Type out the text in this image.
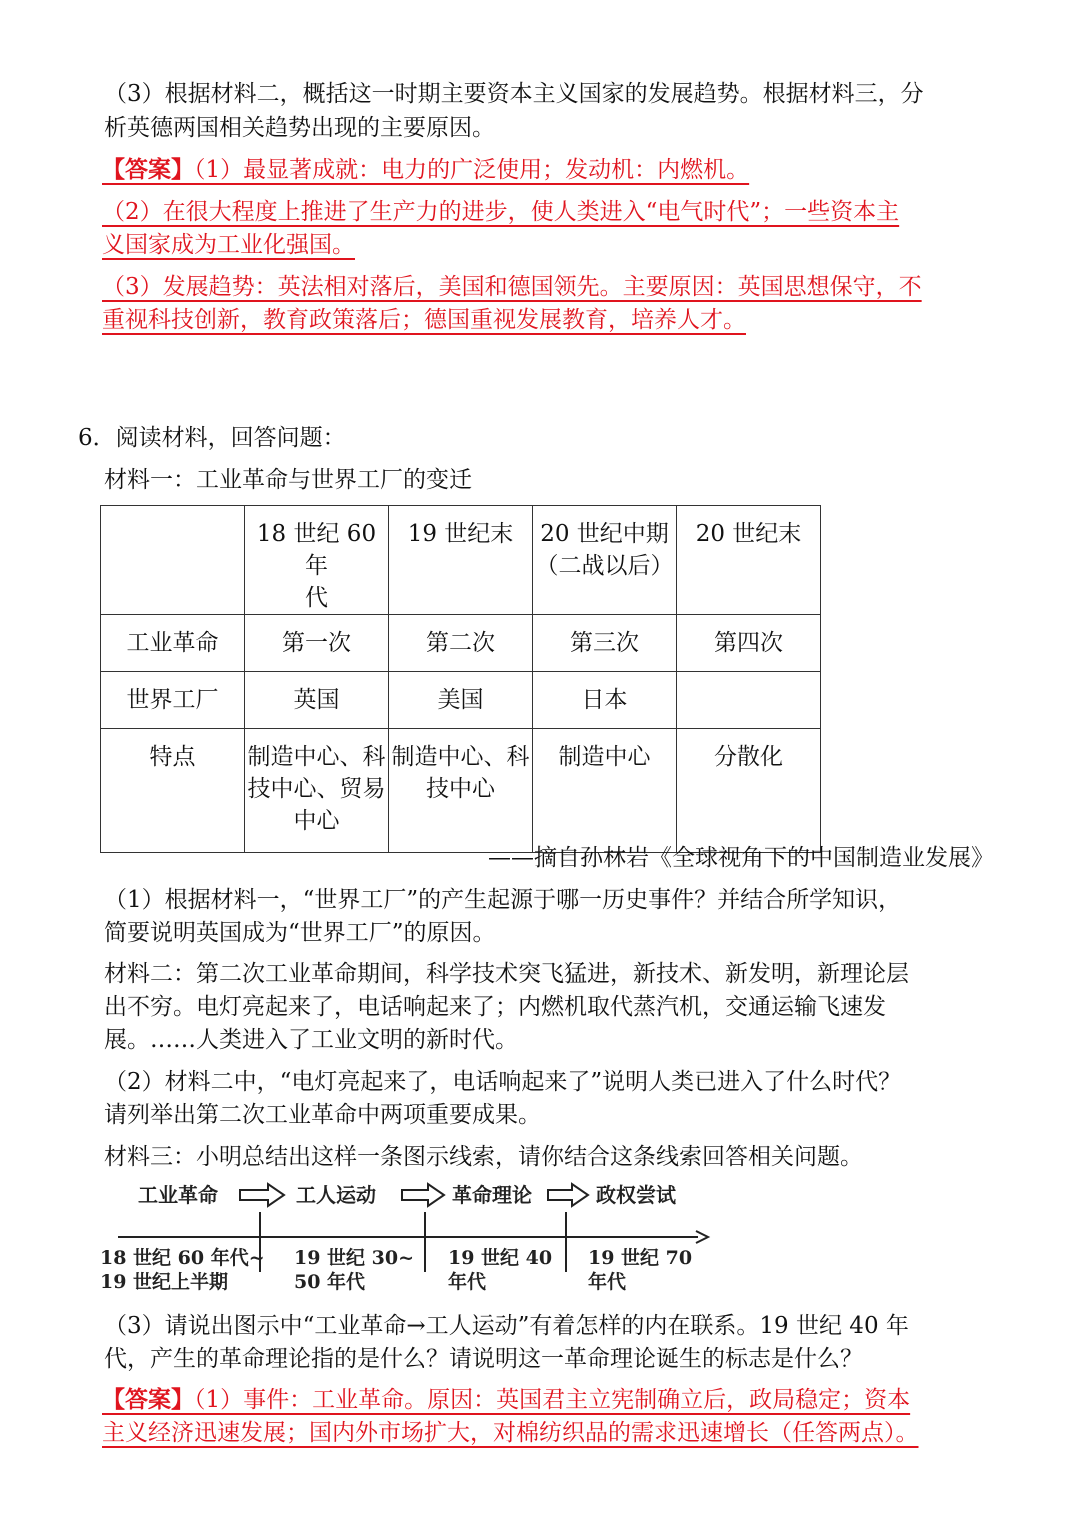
（3）根据材料二，概括这一时期主要资本主义国家的发展趋势。根据材料三，分
析英德两国相关趋势出现的主要原因。
【答案】（1）最显著成就：电力的广泛使用；发动机：内燃机。
（2）在很大程度上推进了生产力的进步，使人类进入“电气时代”；一些资本主
义国家成为工业化强国。
（3）发展趋势：英法相对落后，美国和德国领先。主要原因：英国思想保守，不
重视科技创新，教育政策落后；德国重视发展教育，培养人才。
6．阅读材料，回答问题：
材料一：工业革命与世界工厂的变迁
	18 世纪 60 年
代	19 世纪末	20 世纪中期
（二战以后）	20 世纪末
工业革命	第一次	第二次	第三次	第四次
世界工厂	英国	美国	日本	
特点	制造中心、科
技中心、贸易
中心	制造中心、科
技中心	制造中心	分散化
——摘自孙林岩《全球视角下的中国制造业发展》
（1）根据材料一，“世界工厂”的产生起源于哪一历史事件？并结合所学知识，
简要说明英国成为“世界工厂”的原因。
材料二：第二次工业革命期间，科学技术突飞猛进，新技术、新发明，新理论层
出不穷。电灯亮起来了，电话响起来了；内燃机取代蒸汽机，交通运输飞速发
展。……人类进入了工业文明的新时代。
（2）材料二中，“电灯亮起来了，电话响起来了”说明人类已进入了什么时代？
请列举出第二次工业革命中两项重要成果。
材料三：小明总结出这样一条图示线索，请你结合这条线索回答相关问题。
工业革命	工人运动	革命理论	政权尝试
18 世纪 60 年代~
19 世纪上半期
19 世纪 30~
50 年代
19 世纪 40
年代
19 世纪 70
年代
（3）请说出图示中“工业革命→工人运动”有着怎样的内在联系。19 世纪 40 年
代，产生的革命理论指的是什么？请说明这一革命理论诞生的标志是什么？
【答案】（1）事件：工业革命。原因：英国君主立宪制确立后，政局稳定；资本
主义经济迅速发展；国内外市场扩大，对棉纺织品的需求迅速增长（任答两点）。
